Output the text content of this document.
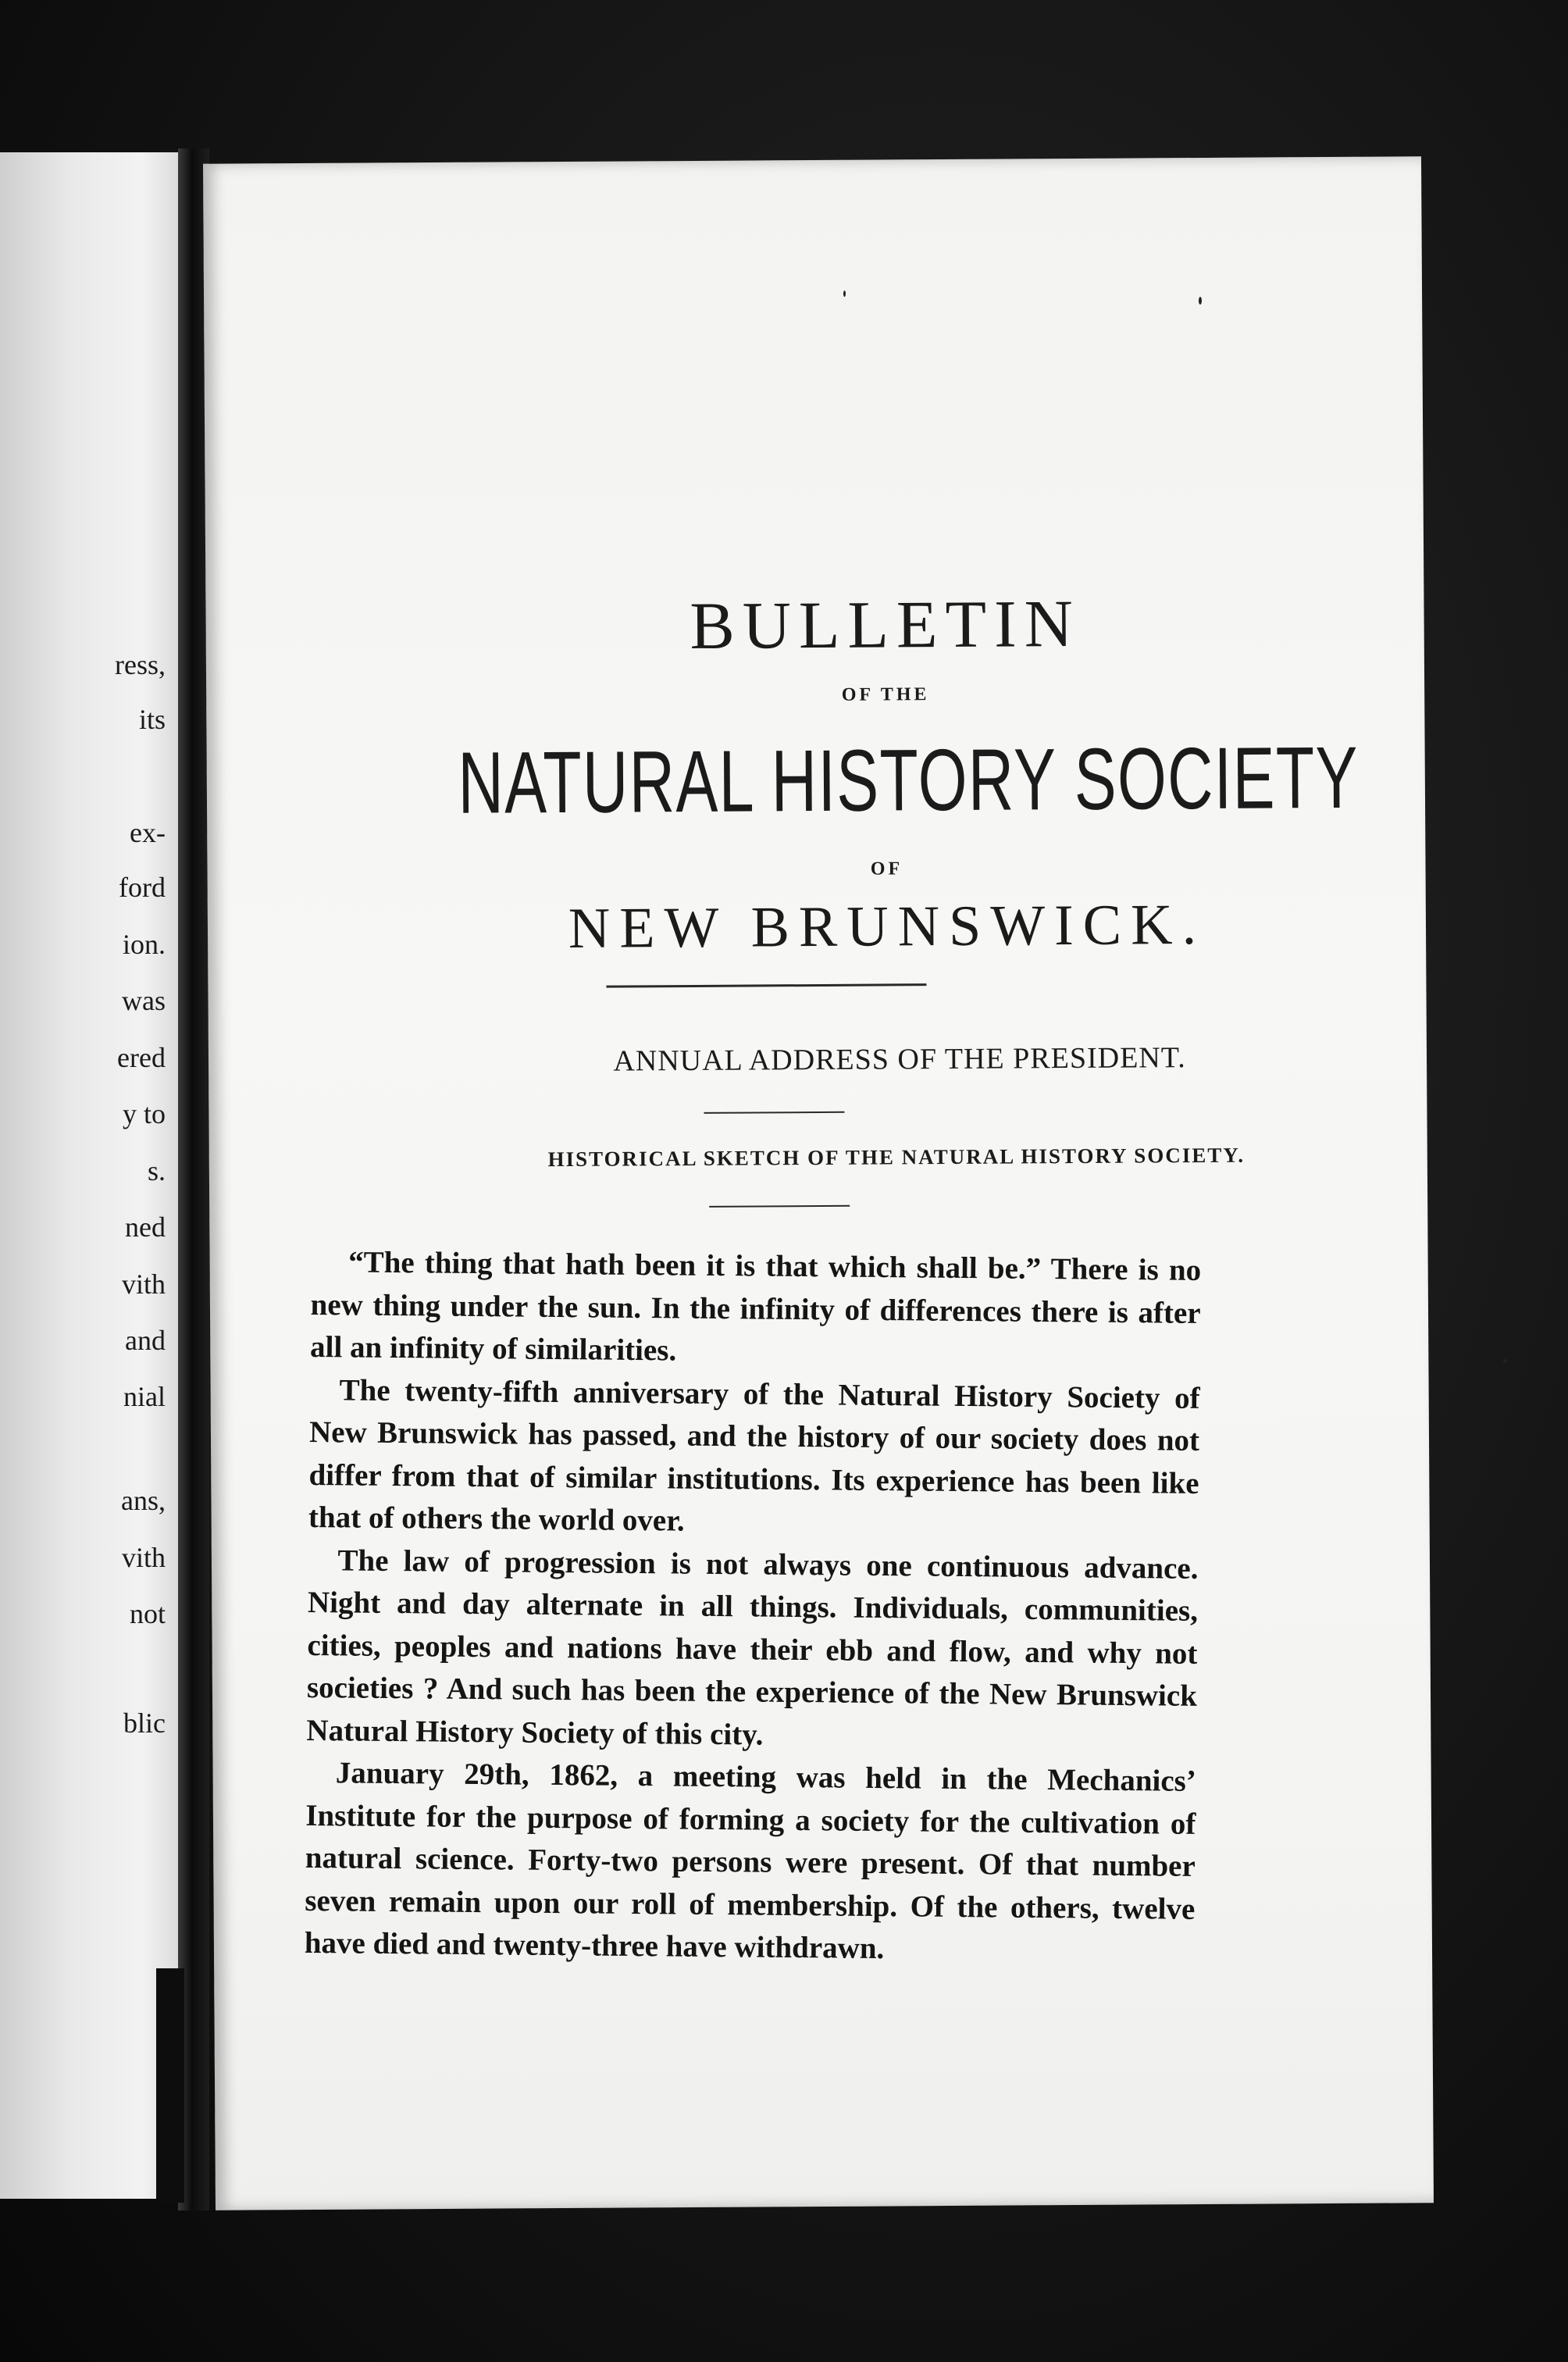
ress,
its
ex-
ford
ion.
was
ered
y to
s.
ned
vith
and
nial
ans,
vith
not
blic

BULLETIN
OF THE
NATURAL HISTORY SOCIETY
OF
NEW BRUNSWICK.
ANNUAL ADDRESS OF THE PRESIDENT.
HISTORICAL SKETCH OF THE NATURAL HISTORY SOCIETY.

“The thing that hath been it is that which shall be.” There is no new thing under the sun. In the infinity of differences there is after all an infinity of similarities.

The twenty-fifth anniversary of the Natural History Society of New Brunswick has passed, and the history of our society does not differ from that of similar institutions. Its experience has been like that of others the world over.

The law of progression is not always one continuous advance. Night and day alternate in all things. Individuals, communities, cities, peoples and nations have their ebb and flow, and why not societies ? And such has been the experience of the New Brunswick Natural History Society of this city.

January 29th, 1862, a meeting was held in the Mechanics’ Institute for the purpose of forming a society for the cultivation of natural science. Forty-two persons were present. Of that number seven remain upon our roll of membership. Of the others, twelve have died and twenty-three have withdrawn.
